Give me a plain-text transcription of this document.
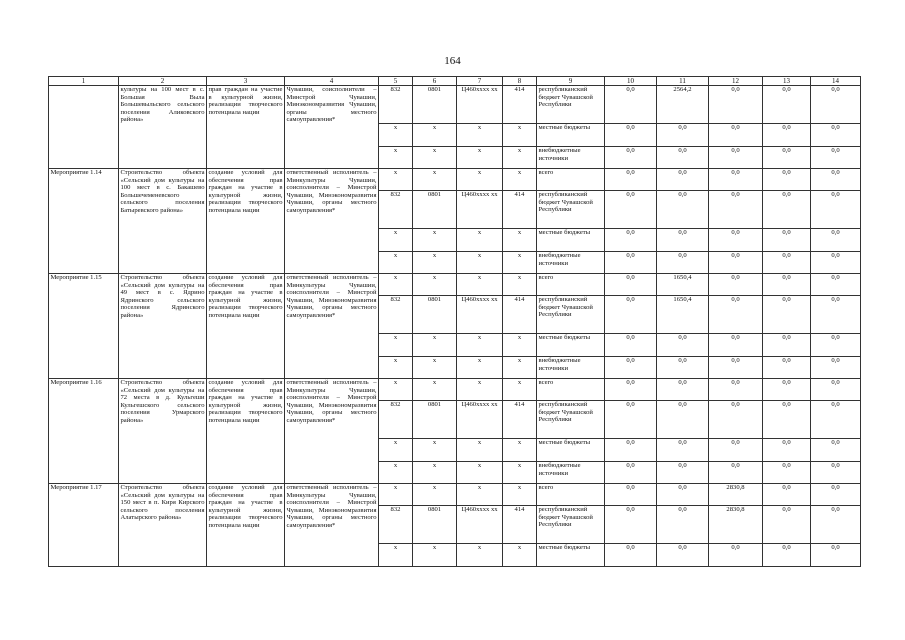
164
1	2	3	4	5	6	7	8	9	10	11	12	13	14
	культуры на 100 мест в с. Большая Выла Большевыльского сельского поселения Аликовского района»	прав граждан на участие в культурной жизни, реализации творческого потенциала нации	Чувашии, соисполнители – Минстрой Чувашии, Минэкономразвития Чувашии, органы местного самоуправления*	832	0801	Ц460xxxx xx	414	республиканский бюджет Чувашской Республики	0,0	2564,2	0,0	0,0	0,0
				x	x	x	x	местные бюджеты	0,0	0,0	0,0	0,0	0,0
				x	x	x	x	внебюджетные источники	0,0	0,0	0,0	0,0	0,0
Мероприятие 1.14	Строительство объекта «Сельский дом культуры на 100 мест в с. Бакашево Большечеменевского сельского поселения Батыревского района»	создание условий для обеспечения прав граждан на участие в культурной жизни, реализации творческого потенциала нации	ответственный исполнитель – Минкультуры Чувашии, соисполнители – Минстрой Чувашии, Минэкономразвития Чувашии, органы местного самоуправления*	x	x	x	x	всего	0,0	0,0	0,0	0,0	0,0
				832	0801	Ц460xxxx xx	414	республиканский бюджет Чувашской Республики	0,0	0,0	0,0	0,0	0,0
				x	x	x	x	местные бюджеты	0,0	0,0	0,0	0,0	0,0
				x	x	x	x	внебюджетные источники	0,0	0,0	0,0	0,0	0,0
Мероприятие 1.15	Строительство объекта «Сельский дом культуры на 49 мест в с. Ядрино Ядринского сельского поселения Ядринского района»	создание условий для обеспечения прав граждан на участие в культурной жизни, реализации творческого потенциала нации	ответственный исполнитель – Минкультуры Чувашии, соисполнители – Минстрой Чувашии, Минэкономразвития Чувашии, органы местного самоуправления*	x	x	x	x	всего	0,0	1650,4	0,0	0,0	0,0
				832	0801	Ц460xxxx xx	414	республиканский бюджет Чувашской Республики	0,0	1650,4	0,0	0,0	0,0
				x	x	x	x	местные бюджеты	0,0	0,0	0,0	0,0	0,0
				x	x	x	x	внебюджетные источники	0,0	0,0	0,0	0,0	0,0
Мероприятие 1.16	Строительство объекта «Сельский дом культуры на 72 места в д. Кульгеши Кульгешского сельского поселения Урмарского района»	создание условий для обеспечения прав граждан на участие в культурной жизни, реализации творческого потенциала нации	ответственный исполнитель – Минкультуры Чувашии, соисполнители – Минстрой Чувашии, Минэкономразвития Чувашии, органы местного самоуправления*	x	x	x	x	всего	0,0	0,0	0,0	0,0	0,0
				832	0801	Ц460xxxx xx	414	республиканский бюджет Чувашской Республики	0,0	0,0	0,0	0,0	0,0
				x	x	x	x	местные бюджеты	0,0	0,0	0,0	0,0	0,0
				x	x	x	x	внебюджетные источники	0,0	0,0	0,0	0,0	0,0
Мероприятие 1.17	Строительство объекта «Сельский дом культуры на 150 мест в п. Киря Кирского сельского поселения Алатырского района»	создание условий для обеспечения прав граждан на участие в культурной жизни, реализации творческого потенциала нации	ответственный исполнитель – Минкультуры Чувашии, соисполнители – Минстрой Чувашии, Минэкономразвития Чувашии, органы местного самоуправления*	x	x	x	x	всего	0,0	0,0	2830,8	0,0	0,0
				832	0801	Ц460xxxx xx	414	республиканский бюджет Чувашской Республики	0,0	0,0	2830,8	0,0	0,0
				x	x	x	x	местные бюджеты	0,0	0,0	0,0	0,0	0,0
